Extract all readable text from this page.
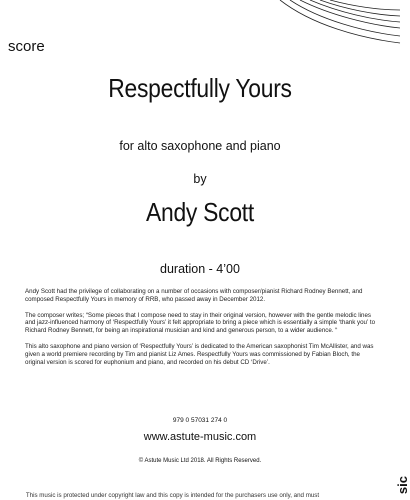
score
Respectfully Yours
for alto saxophone and piano
by
Andy Scott
duration - 4’00

Andy Scott had the privilege of collaborating on a number of occasions with composer/pianist Richard Rodney Bennett, and composed Respectfully Yours in memory of RRB, who passed away in December 2012.

The composer writes; “Some pieces that I compose need to stay in their original version, however with the gentle melodic lines and jazz-influenced harmony of ‘Respectfully Yours’ it felt appropriate to bring a piece which is essentially a simple ‘thank you’ to Richard Rodney Bennett, for being an inspirational musician and kind and generous person, to a wider audience. “

This alto saxophone and piano version of ‘Respectfully Yours’ is dedicated to the American saxophonist Tim McAllister, and was given a world premiere recording by Tim and pianist Liz Ames. Respectfully Yours was commissioned by Fabian Bloch, the original version is scored for euphonium and piano, and recorded on his debut CD ‘Drive’.

979 0 57031 274 0
www.astute-music.com
© Astute Music Ltd 2018. All Rights Reserved.
This music is protected under copyright law and this copy is intended for the purchasers use only, and must
sic
